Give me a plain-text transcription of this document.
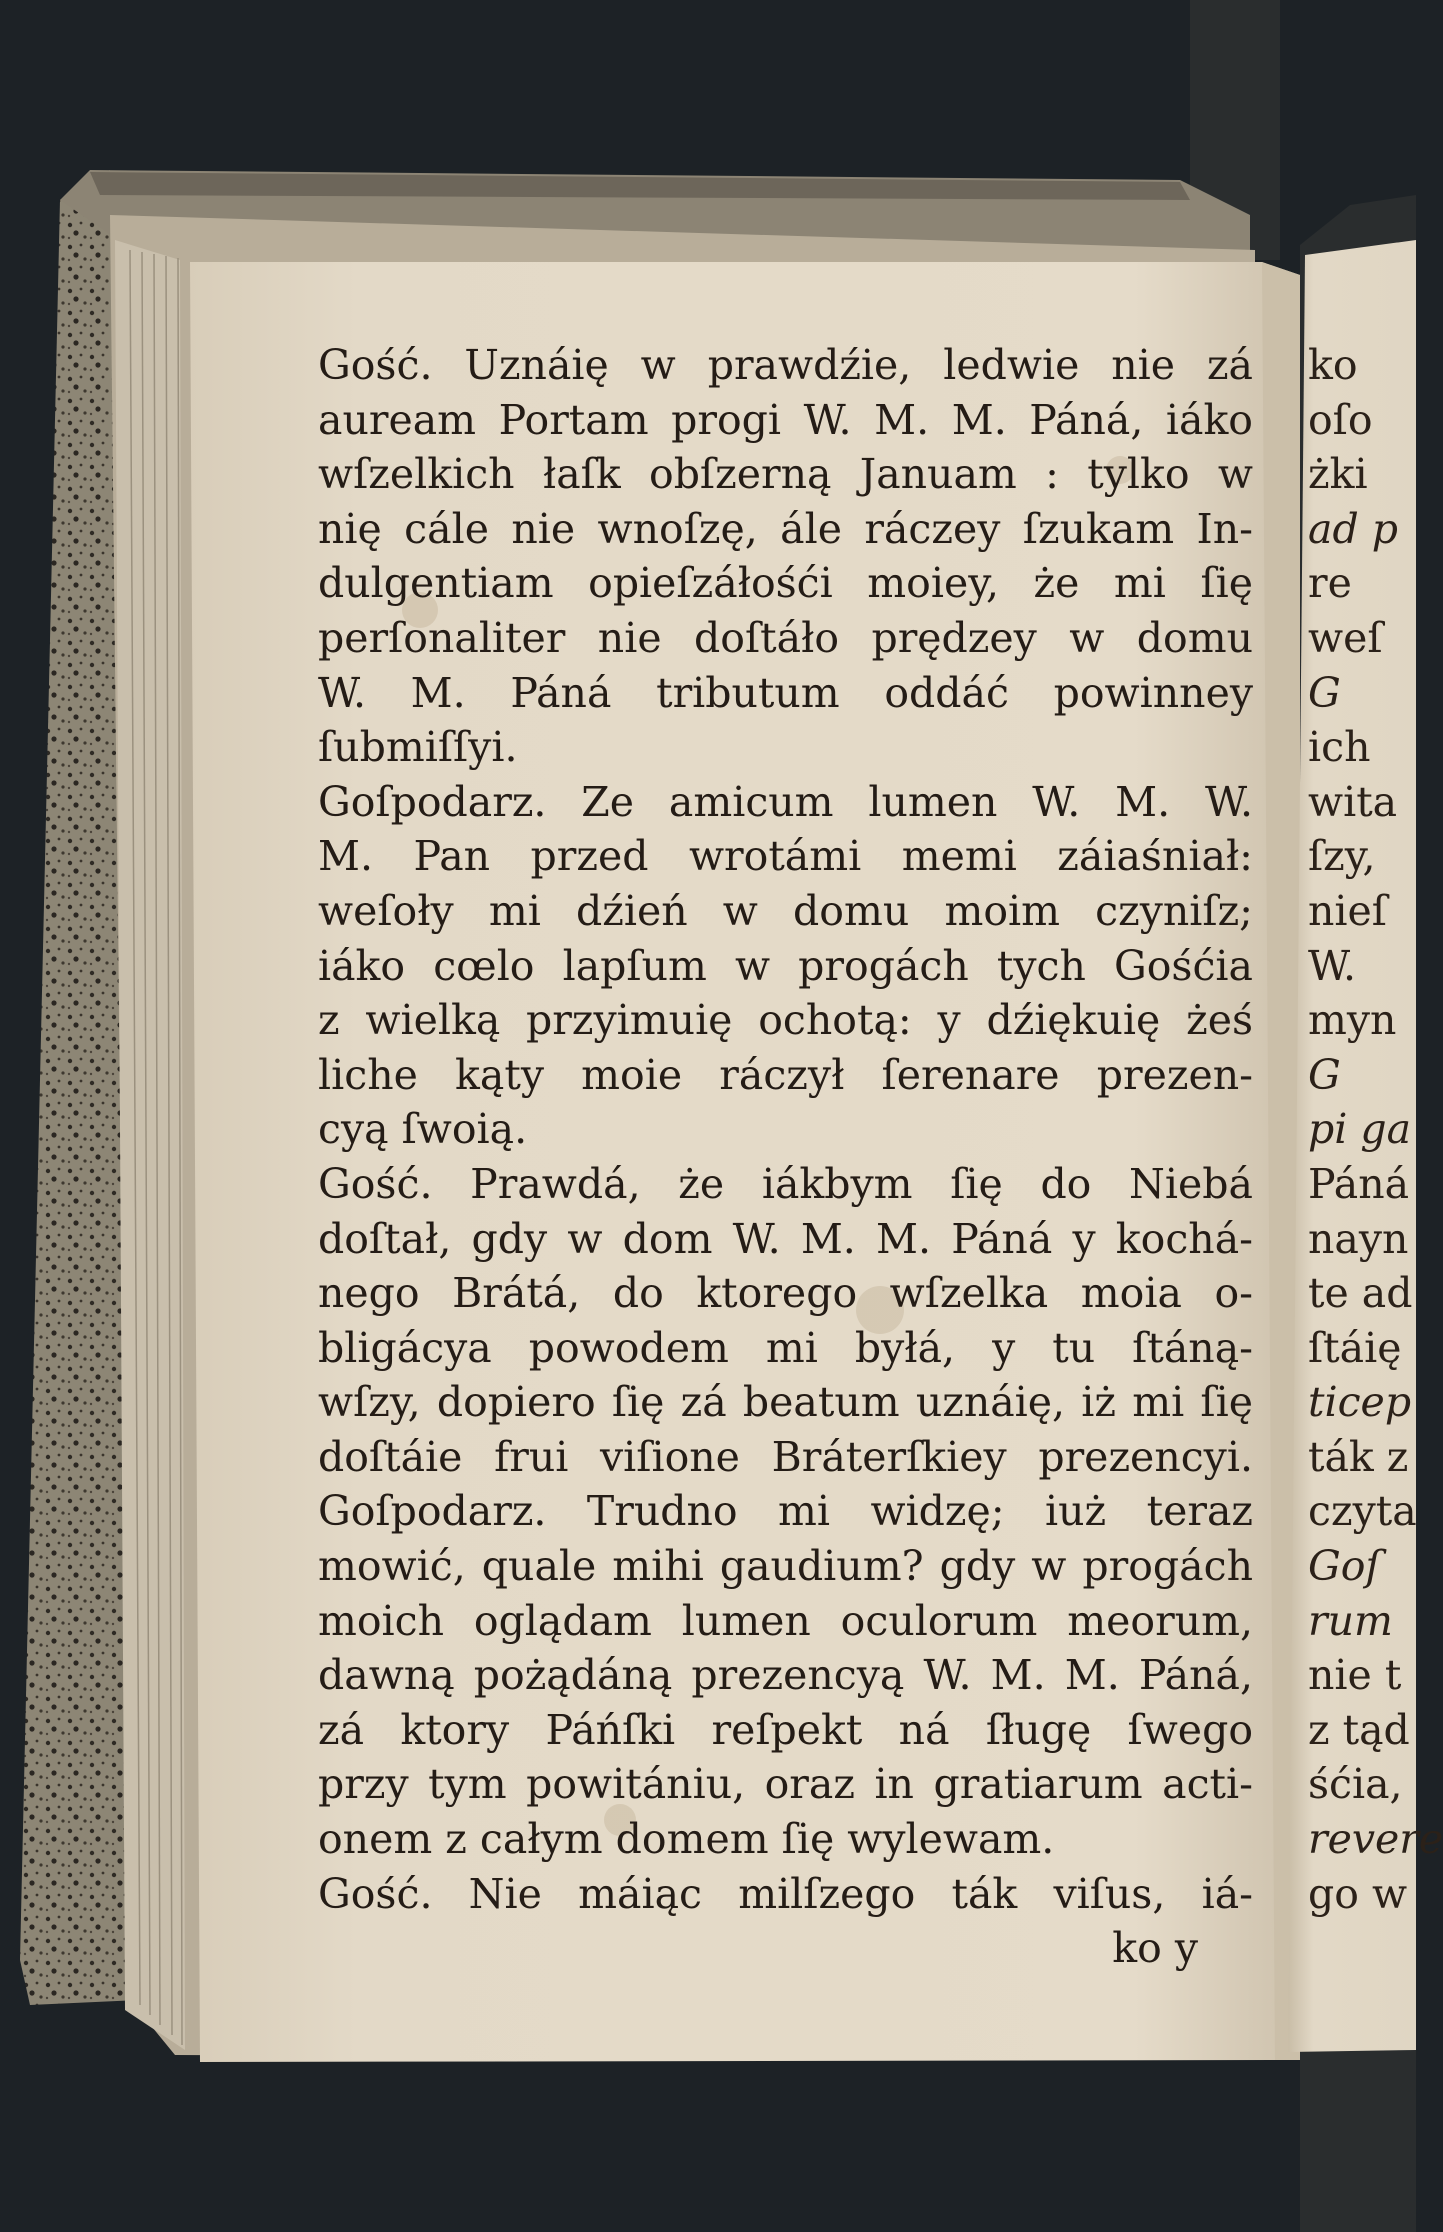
Gość. Uznáię w prawdźie, ledwie nie zá
auream Portam progi W. M. M. Páná, iáko
wſzelkich łaſk obſzerną Januam : tylko w
nię cále nie wnoſzę, ále ráczey ſzukam In-
dulgentiam opieſzáłośći moiey, że mi ſię
perſonaliter nie doſtáło prędzey w domu
W. M. Páná tributum oddáć powinney
ſubmiſſyi.
Goſpodarz. Ze amicum lumen W. M. W.
M. Pan przed wrotámi memi záiaśniał:
weſoły mi dźień w domu moim czyniſz;
iáko cœlo lapſum w progách tych Gośćia
z wielką przyimuię ochotą: y dźiękuię żeś
liche kąty moie ráczył ſerenare prezen-
cyą ſwoią.
Gość. Prawdá, że iákbym ſię do Niebá
doſtał, gdy w dom W. M. M. Páná y kochá-
nego Brátá, do ktorego wſzelka moia o-
bligácya powodem mi byłá, y tu ſtáną-
wſzy, dopiero ſię zá beatum uznáię, iż mi ſię
doſtáie frui viſione Bráterſkiey prezencyi.
Goſpodarz. Trudno mi widzę; iuż teraz
mowić, quale mihi gaudium? gdy w progách
moich oglądam lumen oculorum meorum,
dawną pożądáną prezencyą W. M. M. Páná,
zá ktory Páńſki reſpekt ná ſługę ſwego
przy tym powitániu, oraz in gratiarum acti-
onem z całym domem ſię wylewam.
Gość. Nie máiąc milſzego ták viſus, iá-
ko y
ko
oſo
żki
ad p
re
weſ
G
ich
wita
ſzy,
nieſ
W.
myn
G
pi ga
Páná
nayn
te ad
ſtáię
ticep
ták z
czyta
Goſ
rum
nie t
z tąd
śćia,
revere
go w
